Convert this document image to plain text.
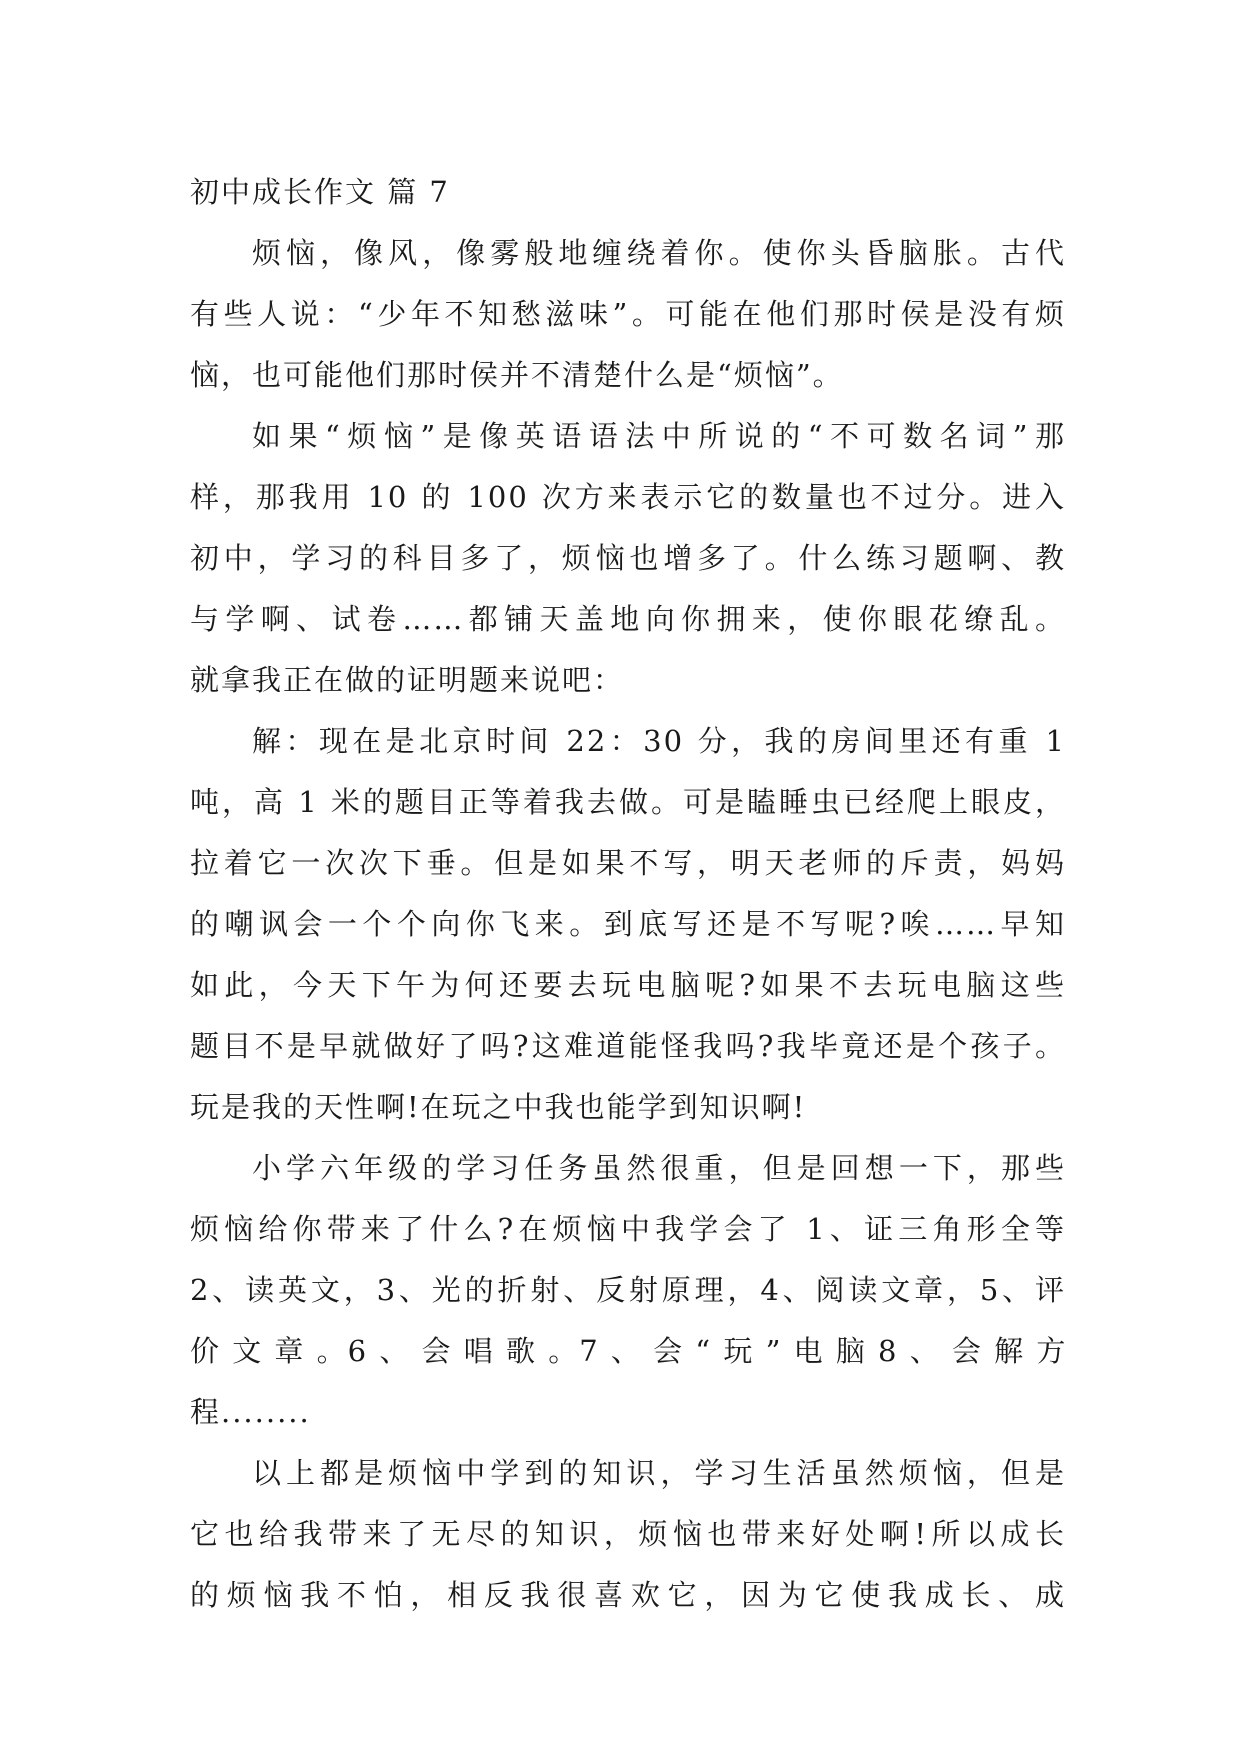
初中成长作文 篇 7

烦恼，像风，像雾般地缠绕着你。使你头昏脑胀。古代
有些人说：“少年不知愁滋味”。可能在他们那时侯是没有烦
恼，也可能他们那时侯并不清楚什么是“烦恼”。

如果“烦恼”是像英语语法中所说的“不可数名词”那
样，那我用 10 的 100 次方来表示它的数量也不过分。进入
初中，学习的科目多了，烦恼也增多了。什么练习题啊、教
与学啊、试卷……都铺天盖地向你拥来，使你眼花缭乱。
就拿我正在做的证明题来说吧：

解：现在是北京时间 22：30 分，我的房间里还有重 1
吨，高 1 米的题目正等着我去做。可是瞌睡虫已经爬上眼皮，
拉着它一次次下垂。但是如果不写，明天老师的斥责，妈妈
的嘲讽会一个个向你飞来。到底写还是不写呢?唉……早知
如此，今天下午为何还要去玩电脑呢?如果不去玩电脑这些
题目不是早就做好了吗?这难道能怪我吗?我毕竟还是个孩子。
玩是我的天性啊!在玩之中我也能学到知识啊!

小学六年级的学习任务虽然很重，但是回想一下，那些
烦恼给你带来了什么?在烦恼中我学会了 1、证三角形全等
2、读英文，3、光的折射、反射原理，4、阅读文章，5、评
价 文 章 。6 、 会 唱 歌 。7 、 会 “ 玩 ” 电 脑 8 、 会 解 方
程........

以上都是烦恼中学到的知识，学习生活虽然烦恼，但是
它也给我带来了无尽的知识，烦恼也带来好处啊!所以成长
的烦恼我不怕，相反我很喜欢它，因为它使我成长、成
